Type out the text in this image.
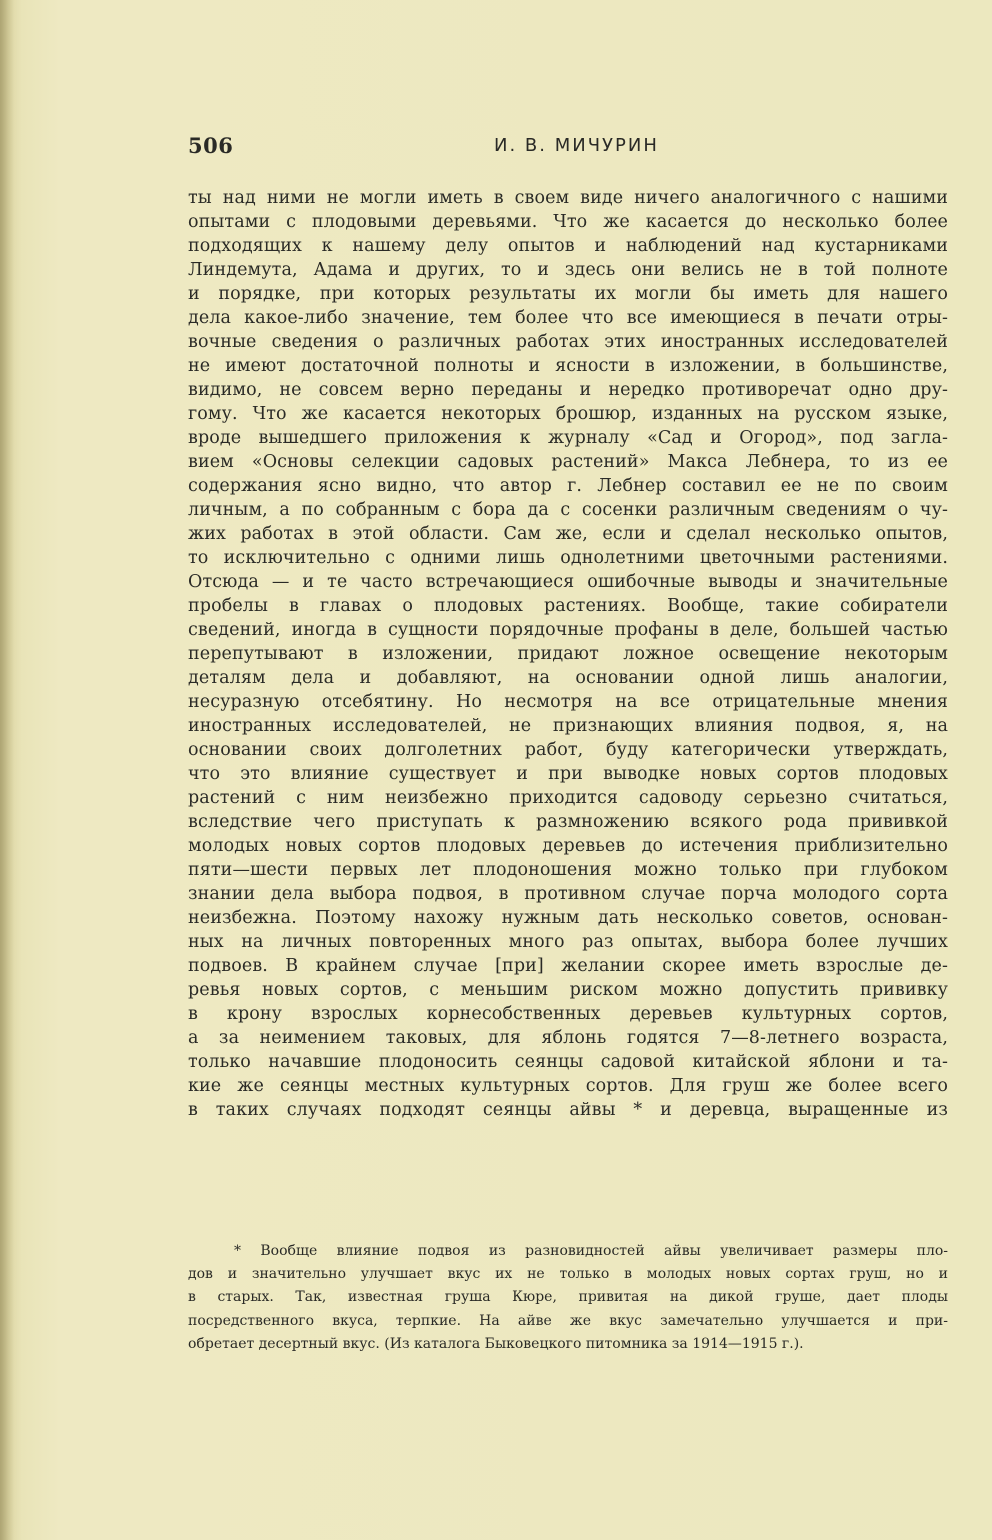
506	И. В. МИЧУРИН
ты над ними не могли иметь в своем виде ничего аналогичного с нашими
опытами с плодовыми деревьями. Что же касается до несколько более
подходящих к нашему делу опытов и наблюдений над кустарниками
Линдемута, Адама и других, то и здесь они велись не в той полноте
и порядке, при которых результаты их могли бы иметь для нашего
дела какое-либо значение, тем более что все имеющиеся в печати отры-
вочные сведения о различных работах этих иностранных исследователей
не имеют достаточной полноты и ясности в изложении, в большинстве,
видимо, не совсем верно переданы и нередко противоречат одно дру-
гому. Что же касается некоторых брошюр, изданных на русском языке,
вроде вышедшего приложения к журналу «Сад и Огород», под загла-
вием «Основы селекции садовых растений» Макса Лебнера, то из ее
содержания ясно видно, что автор г. Лебнер составил ее не по своим
личным, а по собранным с бора да с сосенки различным сведениям о чу-
жих работах в этой области. Сам же, если и сделал несколько опытов,
то исключительно с одними лишь однолетними цветочными растениями.
Отсюда — и те часто встречающиеся ошибочные выводы и значительные
пробелы в главах о плодовых растениях. Вообще, такие собиратели
сведений, иногда в сущности порядочные профаны в деле, большей частью
перепутывают в изложении, придают ложное освещение некоторым
деталям дела и добавляют, на основании одной лишь аналогии,
несуразную отсебятину. Но несмотря на все отрицательные мнения
иностранных исследователей, не признающих влияния подвоя, я, на
основании своих долголетних работ, буду категорически утверждать,
что это влияние существует и при выводке новых сортов плодовых
растений с ним неизбежно приходится садоводу серьезно считаться,
вследствие чего приступать к размножению всякого рода прививкой
молодых новых сортов плодовых деревьев до истечения приблизительно
пяти—шести первых лет плодоношения можно только при глубоком
знании дела выбора подвоя, в противном случае порча молодого сорта
неизбежна. Поэтому нахожу нужным дать несколько советов, основан-
ных на личных повторенных много раз опытах, выбора более лучших
подвоев. В крайнем случае [при] желании скорее иметь взрослые де-
ревья новых сортов, с меньшим риском можно допустить прививку
в крону взрослых корнесобственных деревьев культурных сортов,
а за неимением таковых, для яблонь годятся 7—8-летнего возраста,
только начавшие плодоносить сеянцы садовой китайской яблони и та-
кие же сеянцы местных культурных сортов. Для груш же более всего
в таких случаях подходят сеянцы айвы * и деревца, выращенные из
* Вообще влияние подвоя из разновидностей айвы увеличивает размеры пло-
дов и значительно улучшает вкус их не только в молодых новых сортах груш, но и
в старых. Так, известная груша Кюре, привитая на дикой груше, дает плоды
посредственного вкуса, терпкие. На айве же вкус замечательно улучшается и при-
обретает десертный вкус. (Из каталога Быковецкого питомника за 1914—1915 г.).
